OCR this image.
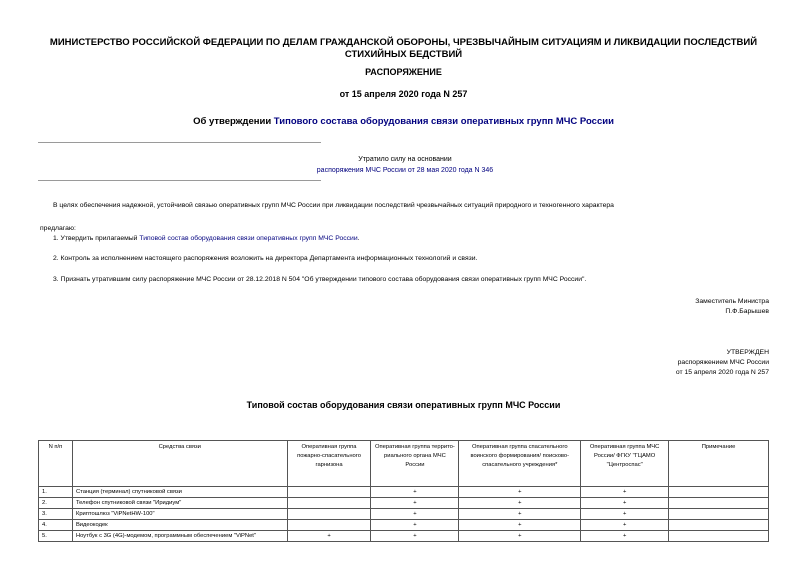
МИНИСТЕРСТВО РОССИЙСКОЙ ФЕДЕРАЦИИ ПО ДЕЛАМ ГРАЖДАНСКОЙ ОБОРОНЫ, ЧРЕЗВЫЧАЙНЫМ СИТУАЦИЯМ И ЛИКВИДАЦИИ ПОСЛЕДСТВИЙ СТИХИЙНЫХ БЕДСТВИЙ
РАСПОРЯЖЕНИЕ
от 15 апреля 2020 года N 257
Об утверждении Типового состава оборудования связи оперативных групп МЧС России
Утратило силу на основании
распоряжения МЧС России от 28 мая 2020 года N 346
В целях обеспечения надежной, устойчивой связью оперативных групп МЧС России при ликвидации последствий чрезвычайных ситуаций природного и техногенного характера
предлагаю:
1. Утвердить прилагаемый Типовой состав оборудования связи оперативных групп МЧС России.
2. Контроль за исполнением настоящего распоряжения возложить на директора Департамента информационных технологий и связи.
3. Признать утратившим силу распоряжение МЧС России от 28.12.2018 N 504 "Об утверждении типового состава оборудования связи оперативных групп МЧС России".
Заместитель Министра
П.Ф.Барышев
УТВЕРЖДЕН
распоряжением МЧС России
от 15 апреля 2020 года N 257
Типовой состав оборудования связи оперативных групп МЧС России
N п/п	Средства связи	Оперативная группа пожарно-спасательного гарнизона	Оперативная группа террито-риального органа МЧС России	Оперативная группа спасательного воинского формирования/ поисково-спасательного учреждения*	Оперативная группа МЧС России/ ФГКУ "ГЦАМО "Центроспас"	Примечание
1.	Станция (терминал) спутниковой связи		+	+	+	
2.	Телефон спутниковой связи "Иридиум"		+	+	+	
3.	Криптошлюз "ViPNetHW-100"		+	+	+	
4.	Видеокодек		+	+	+	
5.	Ноутбук с 3G (4G)-модемом, программным обеспечением "ViPNet"	+	+	+	+	
